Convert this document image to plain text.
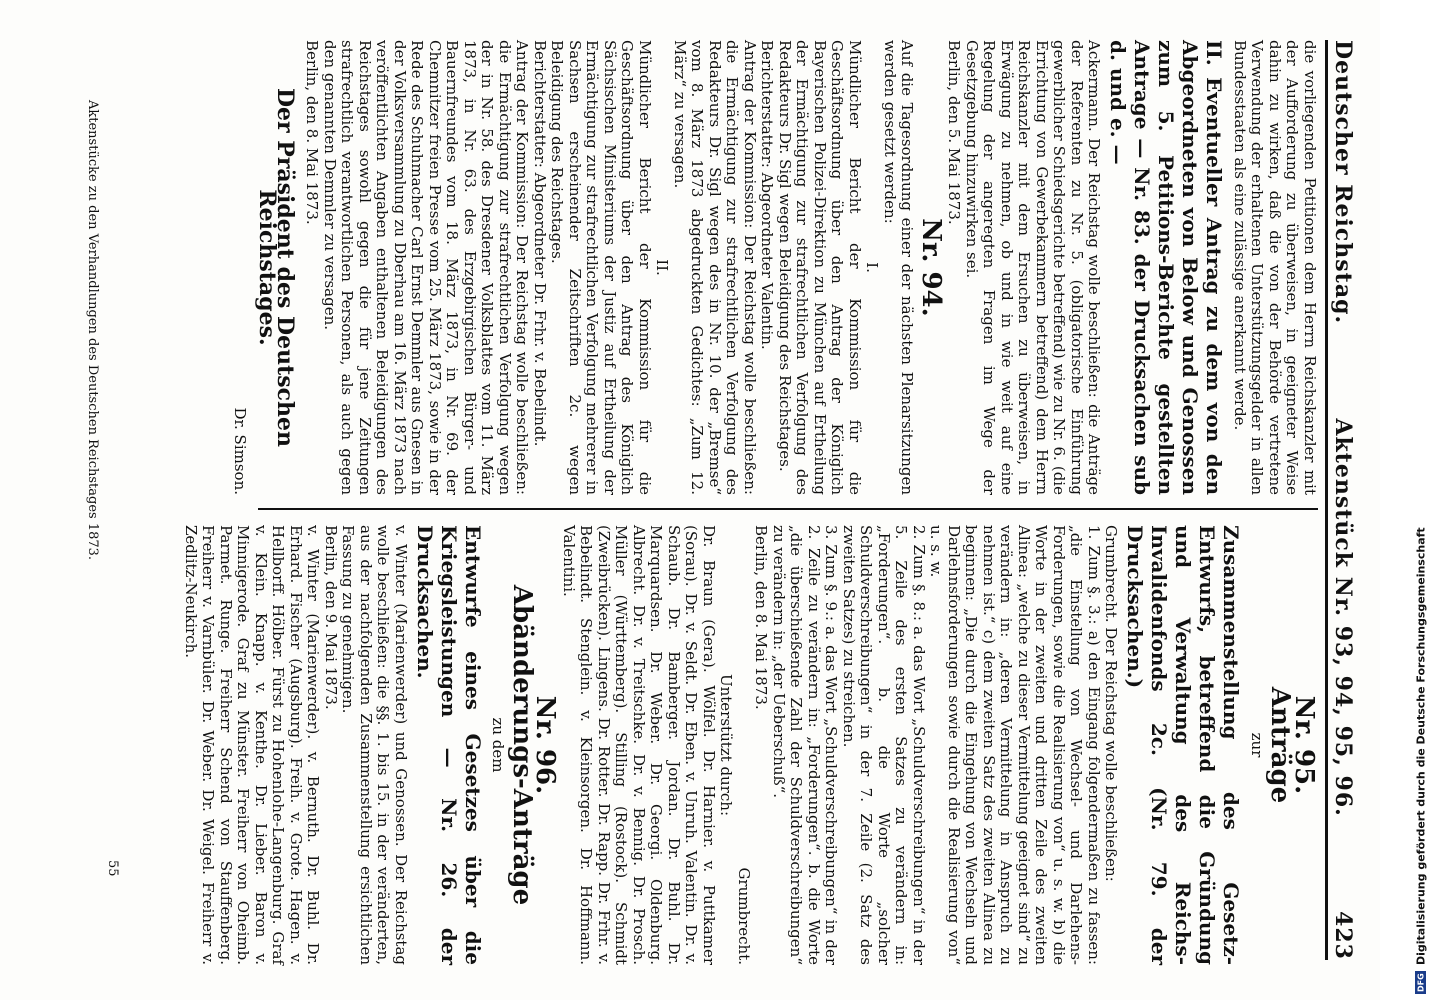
Deutscher Reichstag.
Aktenstück Nr. 93, 94, 95, 96.
423

die vorliegenden Petitionen dem Herrn Reichskanzler mit der Aufforderung zu überweisen, in geeigneter Weise dahin zu wirken, daß die von der Behörde vertretene Verwendung der erhaltenen Unterstützungsgelder in allen Bundesstaaten als eine zulässige anerkannt werde.

II. Eventueller Antrag zu dem von den Abgeordneten von Below und Genossen zum 5. Petitions-Berichte gestellten Antrage — Nr. 83. der Drucksachen sub d. und e. —

Ackermann. Der Reichstag wolle beschließen: die Anträge der Referenten zu Nr. 5. (obligatorische Einführung gewerblicher Schiedsgerichte betreffend) wie zu Nr. 6. (die Errichtung von Gewerbekammern betreffend) dem Herrn Reichskanzler mit dem Ersuchen zu überweisen, in Erwägung zu nehmen, ob und in wie weit auf eine Regelung der angeregten Fragen im Wege der Gesetzgebung hinzuwirken sei.

Berlin, den 5. Mai 1873.

Nr. 94.

Auf die Tagesordnung einer der nächsten Plenarsitzungen werden gesetzt werden:

I.

Mündlicher Bericht der Kommission für die Geschäftsordnung über den Antrag der Königlich Bayerischen Polizei-Direktion zu München auf Ertheilung der Ermächtigung zur strafrechtlichen Verfolgung des Redakteurs Dr. Sigl wegen Beleidigung des Reichstages.

Berichterstatter: Abgeordneter Valentin.

Antrag der Kommission: Der Reichstag wolle beschließen: die Ermächtigung zur strafrechtlichen Verfolgung des Redakteurs Dr. Sigl wegen des in Nr. 10. der „Bremse“ vom 8. März 1873 abgedruckten Gedichtes: „Zum 12. März“ zu versagen.

II.

Mündlicher Bericht der Kommission für die Geschäftsordnung über den Antrag des Königlich Sächsischen Ministeriums der Justiz auf Ertheilung der Ermächtigung zur strafrechtlichen Verfolgung mehrerer in Sachsen erscheinender Zeitschriften 2c. wegen Beleidigung des Reichstages.

Berichterstatter: Abgeordneter Dr. Frhr. v. Bebelindt.

Antrag der Kommission: Der Reichstag wolle beschließen: die Ermächtigung zur strafrechtlichen Verfolgung wegen der in Nr. 58. des Dresdener Volksblattes vom 11. März 1873, in Nr. 63. des Erzgebirgischen Bürger- und Bauernfreundes vom 18. März 1873, in Nr. 69. der Chemnitzer freien Presse vom 25. März 1873, sowie in der Rede des Schuhmacher Carl Ernst Demmler aus Gnesen in der Volksversammlung zu Dberhau am 16. März 1873 nach veröffentlichten Angaben enthaltenen Beleidigungen des Reichstages sowohl gegen die für jene Zeitungen strafrechtlich verantwortlichen Personen, als auch gegen den genannten Demmler zu versagen.

Berlin, den 8. Mai 1873.

Der Präsident des Deutschen Reichstages.

Dr. Simson.

Nr. 95.
Anträge

zur

Zusammenstellung des Gesetz-Entwurfs, betreffend die Gründung und Verwaltung des Reichs-Invalidenfonds 2c. (Nr. 79. der Drucksachen.)

Grumbrecht. Der Reichstag wolle beschließen:

1. Zum §. 3.: a) den Eingang folgendermaßen zu fassen: „die Einstellung von Wechsel- und Darlehens-Forderungen, sowie die Realisierung von“ u. s. w. b) die Worte in der zweiten und dritten Zeile des zweiten Alinea: „welche zu dieser Vermittelung geeignet sind“ zu verändern in: „deren Vermittelung in Anspruch zu nehmen ist.“ c) dem zweiten Satz des zweiten Alinea zu beginnen: „Die durch die Eingehung von Wechseln und Darlehnsforderungen sowie durch die Realisierung von“ u. s. w.

2. Zum §. 8.: a. das Wort „Schuldverschreibungen“ in der 5. Zeile des ersten Satzes zu verändern in: „Forderungen“. b. die Worte „solcher Schuldverschreibungen“ in der 7. Zeile (2. Satz des zweiten Satzes) zu streichen.

3. Zum §. 9.: a. das Wort „Schuldverschreibungen“ in der 2. Zeile zu verändern in: „Forderungen“. b. die Worte „die überschießende Zahl der Schuldverschreibungen“ zu verändern in: „der Ueberschuß“.

Berlin, den 8. Mai 1873.

Grumbrecht.

Unterstützt durch:

Dr. Braun (Gera). Wölfel. Dr. Harnier. v. Puttkamer (Sorau). Dr. v. Seldt. Dr. Eben. v. Unruh. Valentin. Dr. v. Schaub. Dr. Bamberger. Jordan. Dr. Buhl. Dr. Marquardsen. Dr. Weber. Dr. Georgi. Oldenburg. Albrecht. Dr. v. Treitschke. Dr. v. Bennig. Dr. Prosch. Müller (Württemberg). Stilling (Rostock). Schmidt (Zweibrücken). Lingens. Dr. Rotter. Dr. Rapp. Dr. Frhr. v. Bebelindt. Stenglein. v. Kleinsorgen. Dr. Hoffmann. Valentini.

Nr. 96.
Abänderungs-Anträge

zu dem

Entwurfe eines Gesetzes über die Kriegsleistungen — Nr. 26. der Drucksachen.

v. Winter (Marienwerder) und Genossen. Der Reichstag wolle beschließen: die §§. 1. bis 15. in der veränderten, aus der nachfolgenden Zusammenstellung ersichtlichen Fassung zu genehmigen.

Berlin, den 9. Mai 1873.

v. Winter (Marienwerder). v. Bernuth. Dr. Buhl. Dr. Erhard. Fischer (Augsburg). Freih. v. Grote. Hagen. v. Hellborff. Hölber. Fürst zu Hohenlohe-Langenburg. Graf v. Klein. Knapp. v. Kenthe. Dr. Lieber. Baron v. Minnigerode. Graf zu Münster. Freiherr von Oheimb. Parmet. Runge. Freiherr Schend von Stauffenberg. Freiherr v. Varnbüler. Dr. Weber. Dr. Weigel. Freiherr v. Zedlitz-Neukirch.

Aktenstücke zu den Verhandlungen des Deutschen Reichstages 1873.
55
DFG
Digitalisierung gefördert durch die Deutsche Forschungsgemeinschaft
